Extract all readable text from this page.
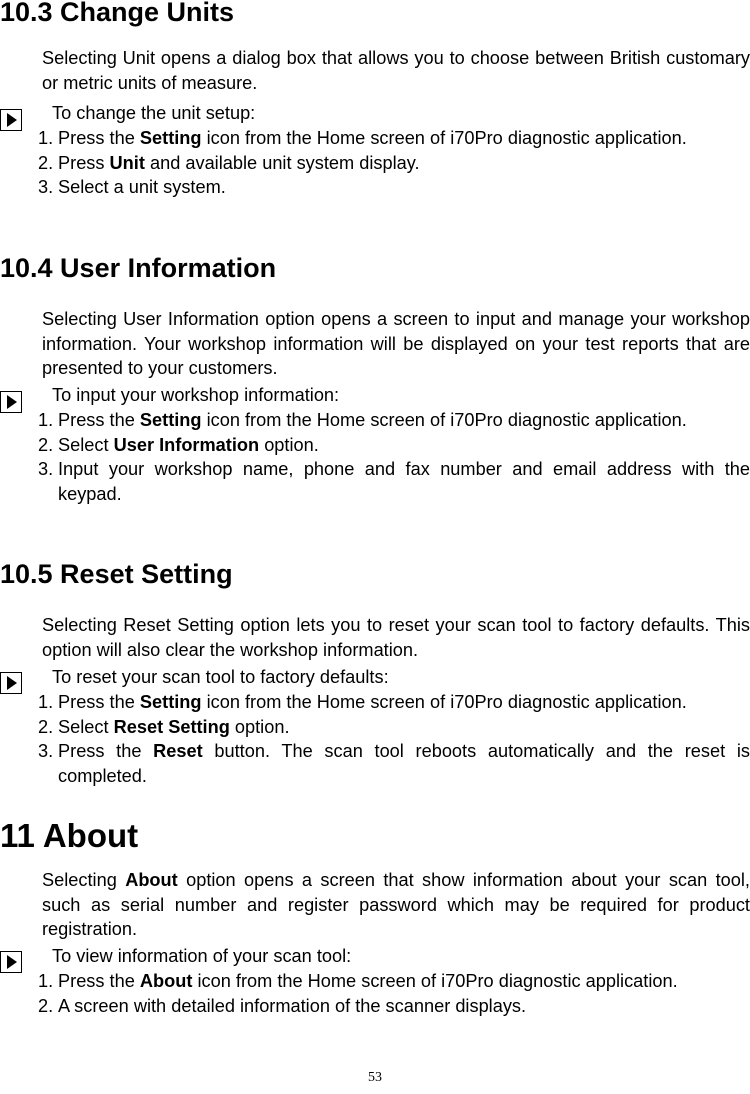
10.3 Change Units

Selecting Unit opens a dialog box that allows you to choose between British customary or metric units of measure.

To change the unit setup:

1. Press the Setting icon from the Home screen of i70Pro diagnostic application.
2. Press Unit and available unit system display.
3. Select a unit system.
10.4 User Information

Selecting User Information option opens a screen to input and manage your workshop information. Your workshop information will be displayed on your test reports that are presented to your customers.

To input your workshop information:

1. Press the Setting icon from the Home screen of i70Pro diagnostic application.
2. Select User Information option.
3. Input your workshop name, phone and fax number and email address with the keypad.
10.5 Reset Setting

Selecting Reset Setting option lets you to reset your scan tool to factory defaults. This option will also clear the workshop information.

To reset your scan tool to factory defaults:

1. Press the Setting icon from the Home screen of i70Pro diagnostic application.
2. Select Reset Setting option.
3. Press the Reset button. The scan tool reboots automatically and the reset is completed.
11 About

Selecting About option opens a screen that show information about your scan tool, such as serial number and register password which may be required for product registration.

To view information of your scan tool:

1. Press the About icon from the Home screen of i70Pro diagnostic application.
2. A screen with detailed information of the scanner displays.
53
